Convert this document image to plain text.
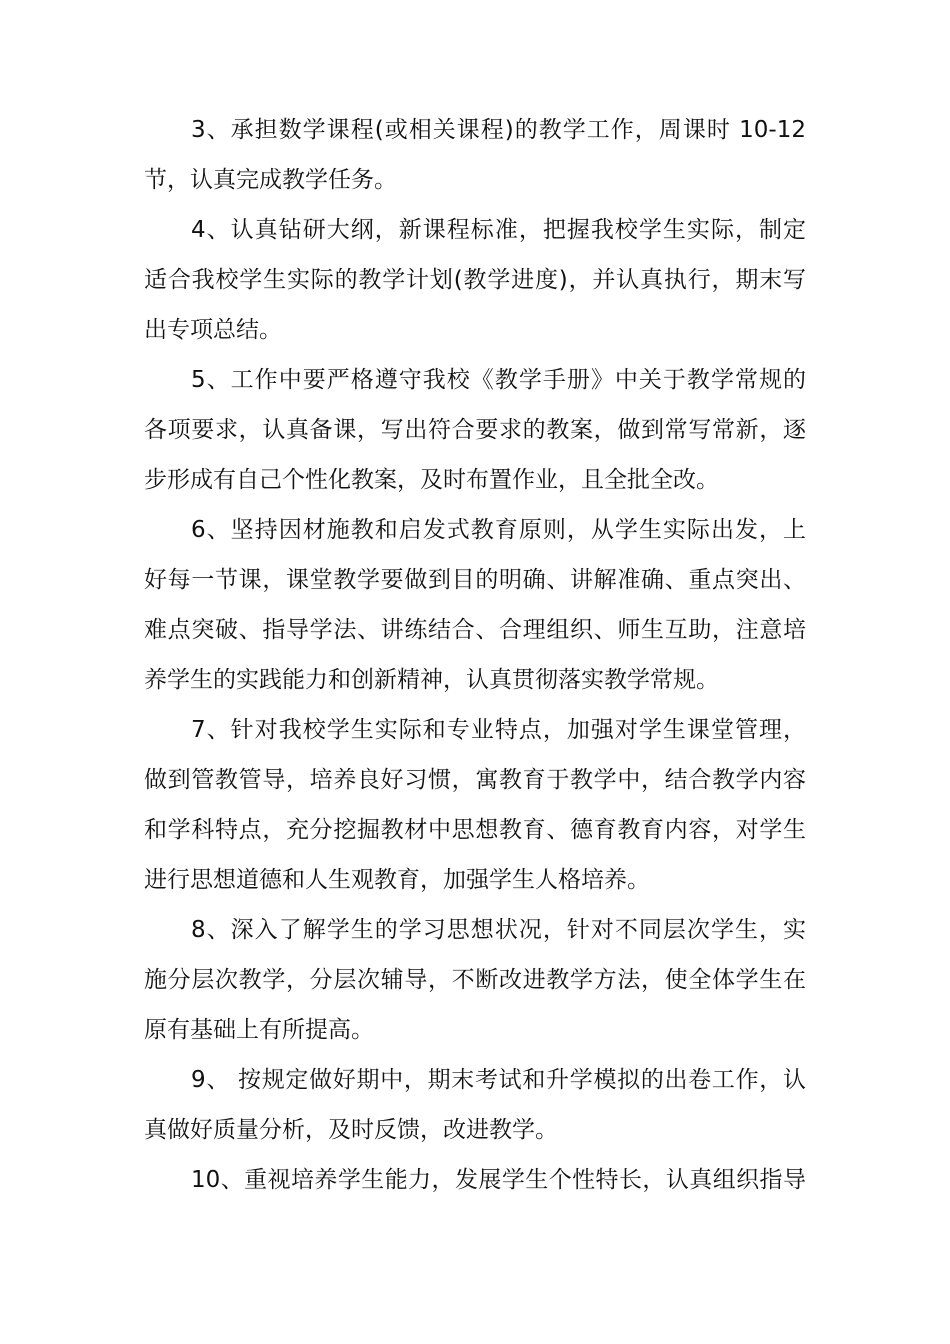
3、承担数学课程(或相关课程)的教学工作，周课时 10-12
节，认真完成教学任务。
4、认真钻研大纲，新课程标准，把握我校学生实际，制定
适合我校学生实际的教学计划(教学进度)，并认真执行，期末写
出专项总结。
5、工作中要严格遵守我校《教学手册》中关于教学常规的
各项要求，认真备课，写出符合要求的教案，做到常写常新，逐
步形成有自己个性化教案，及时布置作业，且全批全改。
6、坚持因材施教和启发式教育原则，从学生实际出发，上
好每一节课，课堂教学要做到目的明确、讲解准确、重点突出、
难点突破、指导学法、讲练结合、合理组织、师生互助，注意培
养学生的实践能力和创新精神，认真贯彻落实教学常规。
7、针对我校学生实际和专业特点，加强对学生课堂管理，
做到管教管导，培养良好习惯，寓教育于教学中，结合教学内容
和学科特点，充分挖掘教材中思想教育、德育教育内容，对学生
进行思想道德和人生观教育，加强学生人格培养。
8、深入了解学生的学习思想状况，针对不同层次学生，实
施分层次教学，分层次辅导，不断改进教学方法，使全体学生在
原有基础上有所提高。
9、 按规定做好期中，期末考试和升学模拟的出卷工作，认
真做好质量分析，及时反馈，改进教学。
10、重视培养学生能力，发展学生个性特长，认真组织指导
